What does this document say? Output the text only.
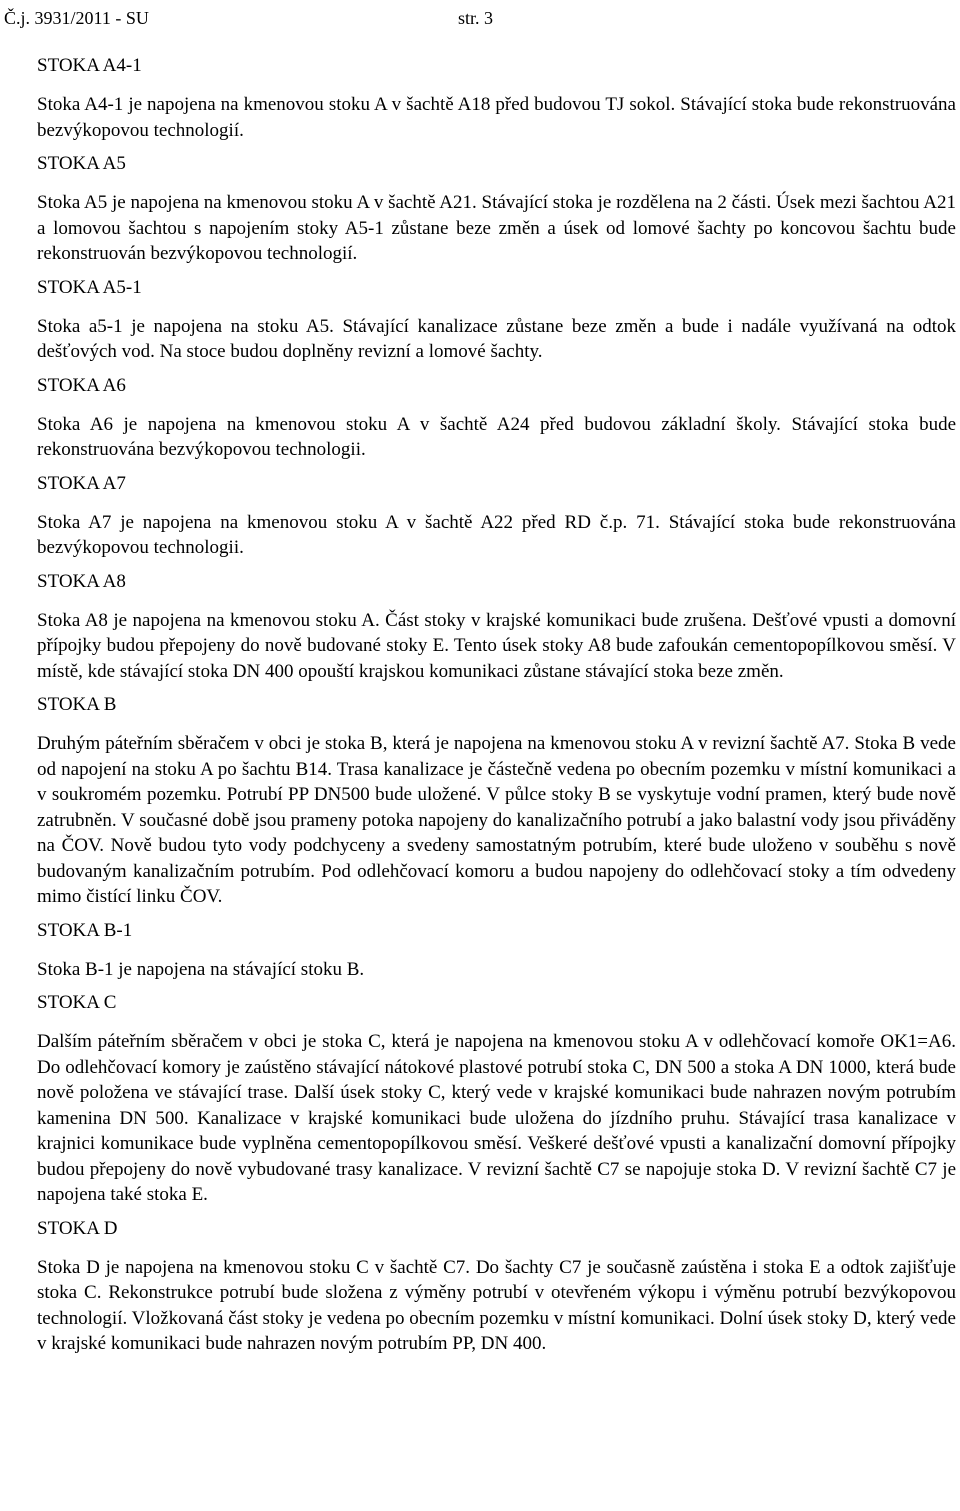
Č.j. 3931/2011 - SU	str. 3
STOKA A4-1

Stoka A4-1 je napojena na kmenovou stoku A v šachtě A18 před budovou TJ sokol. Stávající stoka bude rekonstruována bezvýkopovou technologií.

STOKA A5

Stoka A5 je napojena na kmenovou stoku A v šachtě A21. Stávající stoka je rozdělena na 2 části. Úsek mezi šachtou A21 a lomovou šachtou s napojením stoky A5-1 zůstane beze změn a úsek od lomové šachty po koncovou šachtu bude rekonstruován bezvýkopovou technologií.

STOKA A5-1

Stoka a5-1 je napojena na stoku A5. Stávající kanalizace zůstane beze změn a bude i nadále využívaná na odtok dešťových vod. Na stoce budou doplněny revizní a lomové šachty.

STOKA A6

Stoka A6 je napojena na kmenovou stoku A v šachtě A24 před budovou základní školy. Stávající stoka bude rekonstruována bezvýkopovou technologii.

STOKA A7

Stoka A7 je napojena na kmenovou stoku A v šachtě A22 před RD č.p. 71. Stávající stoka bude rekonstruována bezvýkopovou technologii.

STOKA A8

Stoka A8 je napojena na kmenovou stoku A. Část stoky v krajské komunikaci bude zrušena. Dešťové vpusti a domovní přípojky budou přepojeny do nově budované stoky E. Tento úsek stoky A8 bude zafoukán cementopopílkovou směsí. V místě, kde stávající stoka DN 400 opouští krajskou komunikaci zůstane stávající stoka beze změn.

STOKA B

Druhým páteřním sběračem v obci je stoka B, která je napojena na kmenovou stoku A v revizní šachtě A7. Stoka B vede od napojení na stoku A po šachtu B14. Trasa kanalizace je částečně vedena po obecním pozemku v místní komunikaci a v soukromém pozemku. Potrubí PP DN500 bude uložené. V půlce stoky B se vyskytuje vodní pramen, který bude nově zatrubněn. V současné době jsou prameny potoka napojeny do kanalizačního potrubí a jako balastní vody jsou přiváděny na ČOV. Nově budou tyto vody podchyceny a svedeny samostatným potrubím, které bude uloženo v souběhu s nově budovaným kanalizačním potrubím. Pod odlehčovací komoru a budou napojeny do odlehčovací stoky a tím odvedeny mimo čistící linku ČOV.

STOKA B-1

Stoka B-1 je napojena na stávající stoku B.

STOKA C

Dalším páteřním sběračem v obci je stoka C, která je napojena na kmenovou stoku A v odlehčovací komoře OK1=A6. Do odlehčovací komory je zaústěno stávající nátokové plastové potrubí stoka C, DN 500 a stoka A DN 1000, která bude nově položena ve stávající trase. Další úsek stoky C, který vede v krajské komunikaci bude nahrazen novým potrubím kamenina DN 500. Kanalizace v krajské komunikaci bude uložena do jízdního pruhu. Stávající trasa kanalizace v krajnici komunikace bude vyplněna cementopopílkovou směsí. Veškeré dešťové vpusti a kanalizační domovní přípojky budou přepojeny do nově vybudované trasy kanalizace. V revizní šachtě C7 se napojuje stoka D. V revizní šachtě C7 je napojena také stoka E.

STOKA D

Stoka D je napojena na kmenovou stoku C v šachtě C7. Do šachty C7 je současně zaústěna i stoka E a odtok zajišťuje stoka C. Rekonstrukce potrubí bude složena z výměny potrubí v otevřeném výkopu i výměnu potrubí bezvýkopovou technologií. Vložkovaná část stoky je vedena po obecním pozemku v místní komunikaci. Dolní úsek stoky D, který vede v krajské komunikaci bude nahrazen novým potrubím PP, DN 400.
